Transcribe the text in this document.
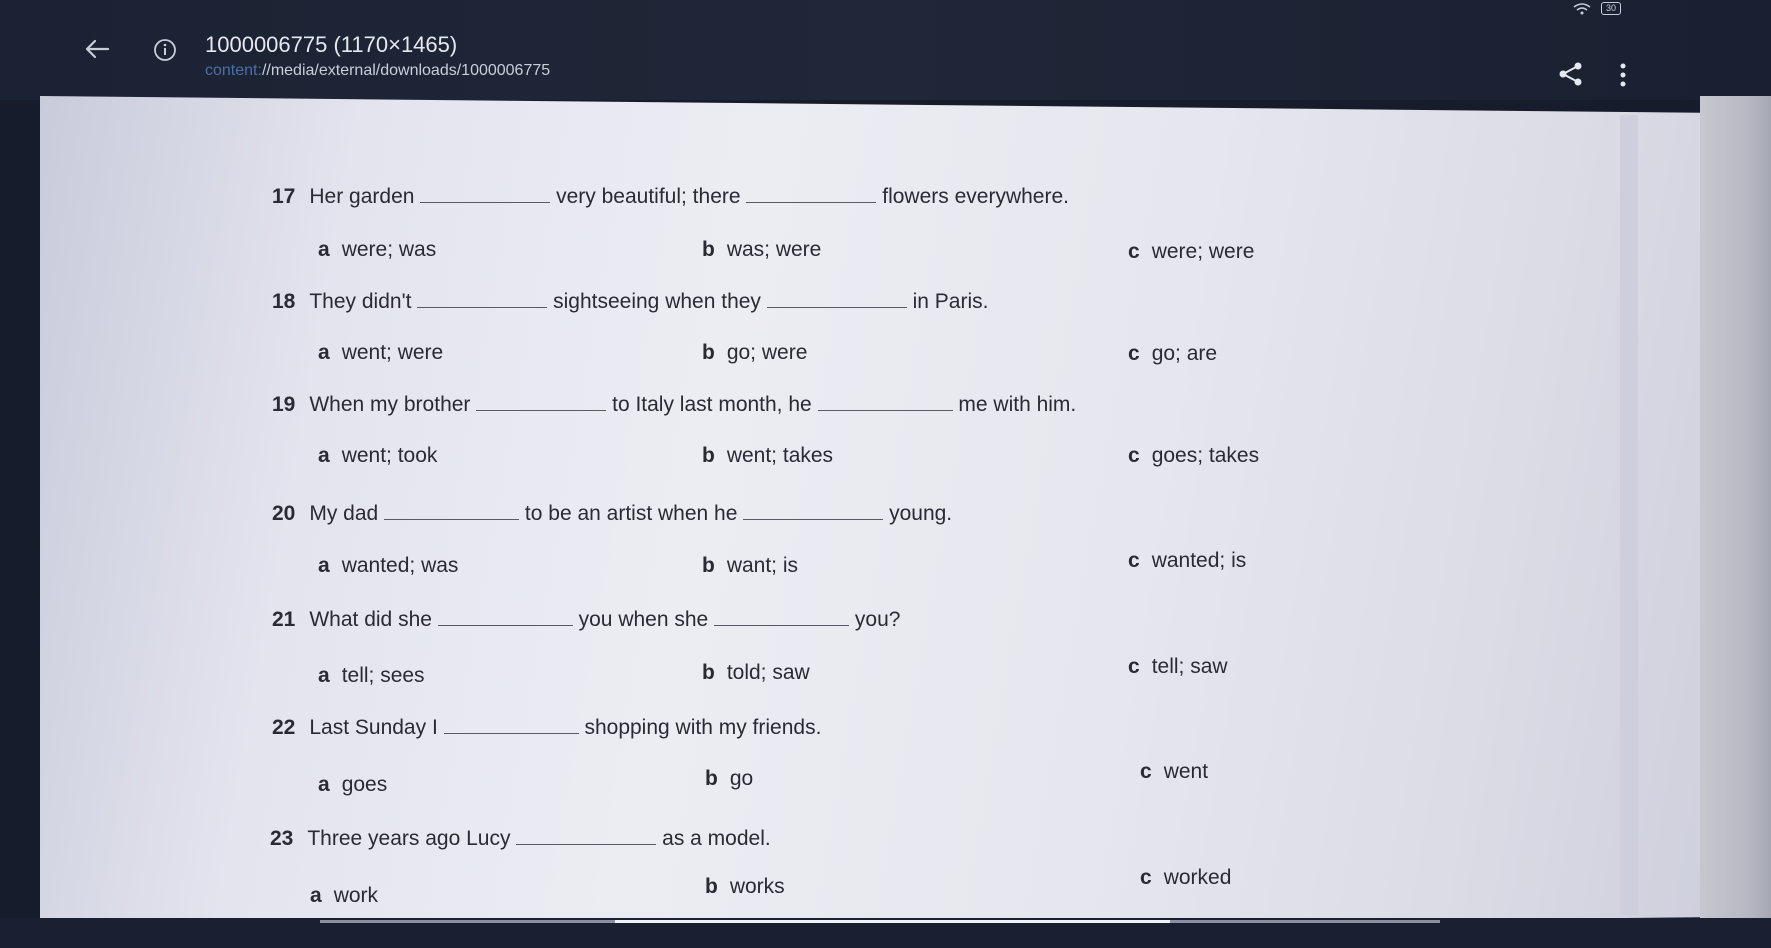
30
1000006775 (1170×1465)
content://media/external/downloads/1000006775
17 Her garden	very beautiful; there	flowers everywhere.
a were; was	b was; were	c were; were
18 They didn't	sightseeing when they	in Paris.
a went; were	b go; were	c go; are
19 When my brother	to Italy last month, he	me with him.
a went; took	b went; takes	c goes; takes
20 My dad	to be an artist when he	young.
a wanted; was	b want; is	c wanted; is
21 What did she	you when she	you?
a tell; sees	b told; saw	c tell; saw
22 Last Sunday I	shopping with my friends.
a goes	b go	c went
23 Three years ago Lucy	as a model.
a work	b works	c worked
